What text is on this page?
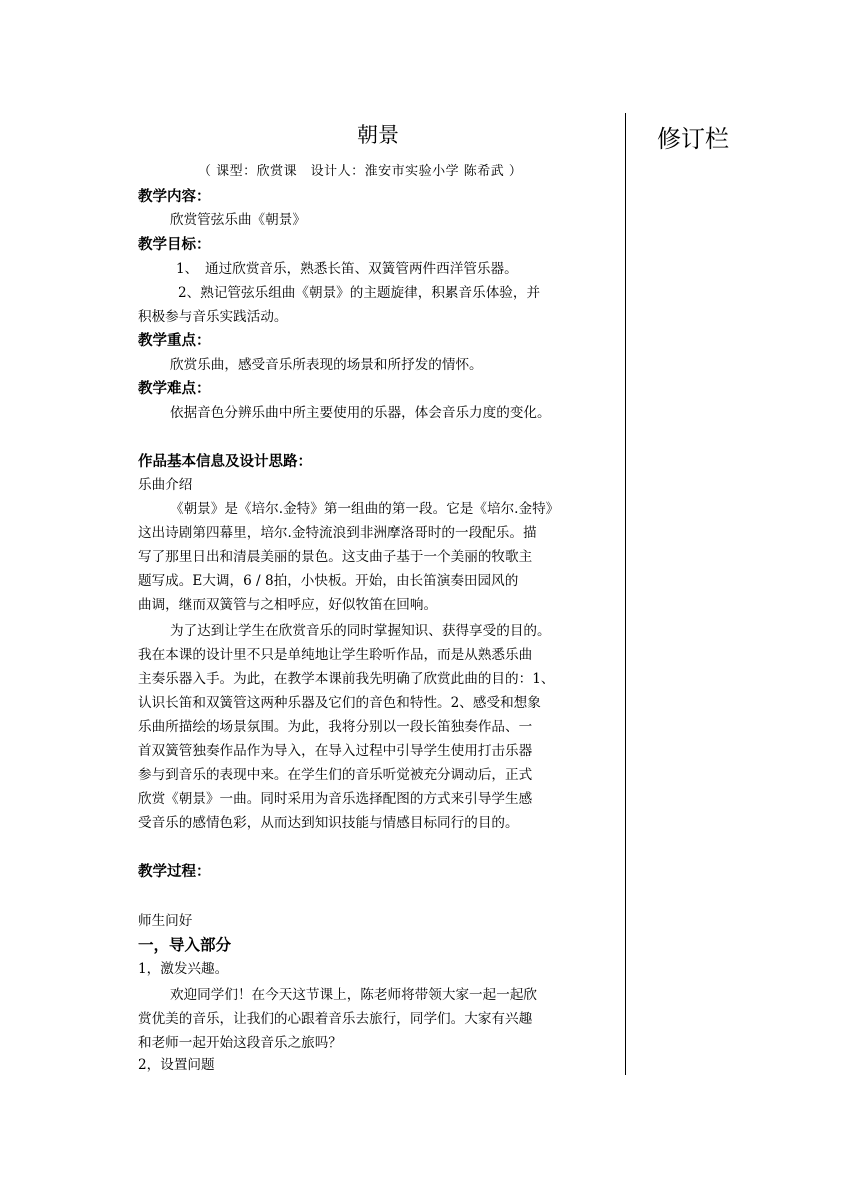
修订栏
朝景
（ 课型：欣赏课　设计人：淮安市实验小学 陈希武 ）
教学内容：
欣赏管弦乐曲《朝景》
教学目标：
1、　通过欣赏音乐，熟悉长笛、双簧管两件西洋管乐器。
2、熟记管弦乐组曲《朝景》的主题旋律，积累音乐体验，并
积极参与音乐实践活动。
教学重点：
欣赏乐曲，感受音乐所表现的场景和所抒发的情怀。
教学难点：
依据音色分辨乐曲中所主要使用的乐器，体会音乐力度的变化。
作品基本信息及设计思路：
乐曲介绍
《朝景》是《培尔.金特》第一组曲的第一段。它是《培尔.金特》
这出诗剧第四幕里，培尔.金特流浪到非洲摩洛哥时的一段配乐。描
写了那里日出和清晨美丽的景色。这支曲子基于一个美丽的牧歌主
题写成。E大调，6 / 8拍，小快板。开始，由长笛演奏田园风的
曲调，继而双簧管与之相呼应，好似牧笛在回响。
为了达到让学生在欣赏音乐的同时掌握知识、获得享受的目的。
我在本课的设计里不只是单纯地让学生聆听作品，而是从熟悉乐曲
主奏乐器入手。为此，在教学本课前我先明确了欣赏此曲的目的：1、
认识长笛和双簧管这两种乐器及它们的音色和特性。2、感受和想象
乐曲所描绘的场景氛围。为此，我将分别以一段长笛独奏作品、一
首双簧管独奏作品作为导入，在导入过程中引导学生使用打击乐器
参与到音乐的表现中来。在学生们的音乐听觉被充分调动后，正式
欣赏《朝景》一曲。同时采用为音乐选择配图的方式来引导学生感
受音乐的感情色彩，从而达到知识技能与情感目标同行的目的。
教学过程：
师生问好
一，导入部分
1，激发兴趣。
欢迎同学们！在今天这节课上，陈老师将带领大家一起一起欣
赏优美的音乐，让我们的心跟着音乐去旅行，同学们。大家有兴趣
和老师一起开始这段音乐之旅吗？
2，设置问题
